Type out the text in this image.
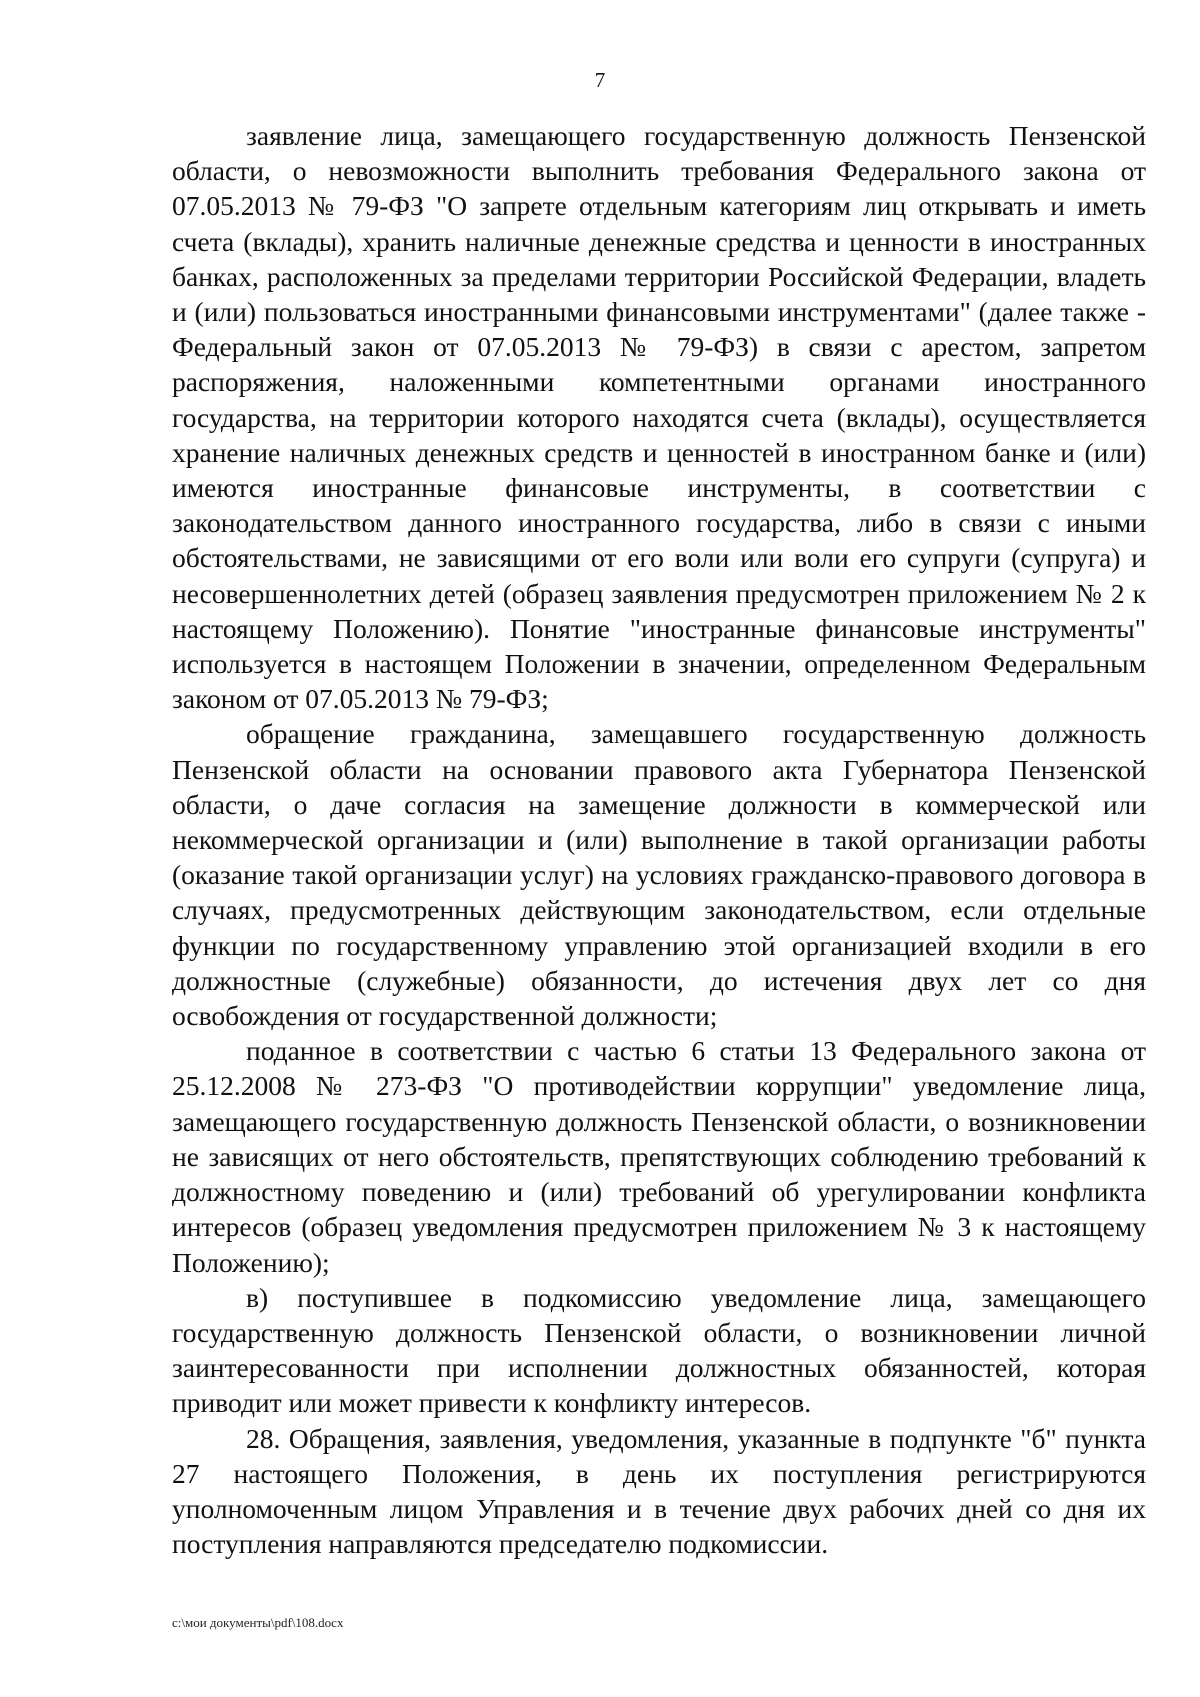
7

заявление лица, замещающего государственную должность Пензенской области, о невозможности выполнить требования Федерального закона от 07.05.2013 № 79-ФЗ "О запрете отдельным категориям лиц открывать и иметь счета (вклады), хранить наличные денежные средства и ценности в иностранных банках, расположенных за пределами территории Российской Федерации, владеть и (или) пользоваться иностранными финансовыми инструментами" (далее также - Федеральный закон от 07.05.2013 № 79-ФЗ) в связи с арестом, запретом распоряжения, наложенными компетентными органами иностранного государства, на территории которого находятся счета (вклады), осуществляется хранение наличных денежных средств и ценностей в иностранном банке и (или) имеются иностранные финансовые инструменты, в соответствии с законодательством данного иностранного государства, либо в связи с иными обстоятельствами, не зависящими от его воли или воли его супруги (супруга) и несовершеннолетних детей (образец заявления предусмотрен приложением № 2 к настоящему Положению). Понятие "иностранные финансовые инструменты" используется в настоящем Положении в значении, определенном Федеральным законом от 07.05.2013 № 79-ФЗ;

обращение гражданина, замещавшего государственную должность Пензенской области на основании правового акта Губернатора Пензенской области, о даче согласия на замещение должности в коммерческой или некоммерческой организации и (или) выполнение в такой организации работы (оказание такой организации услуг) на условиях гражданско-правового договора в случаях, предусмотренных действующим законодательством, если отдельные функции по государственному управлению этой организацией входили в его должностные (служебные) обязанности, до истечения двух лет со дня освобождения от государственной должности;

поданное в соответствии с частью 6 статьи 13 Федерального закона от 25.12.2008 № 273-ФЗ "О противодействии коррупции" уведомление лица, замещающего государственную должность Пензенской области, о возникновении не зависящих от него обстоятельств, препятствующих соблюдению требований к должностному поведению и (или) требований об урегулировании конфликта интересов (образец уведомления предусмотрен приложением № 3 к настоящему Положению);

в) поступившее в подкомиссию уведомление лица, замещающего государственную должность Пензенской области, о возникновении личной заинтересованности при исполнении должностных обязанностей, которая приводит или может привести к конфликту интересов.

28. Обращения, заявления, уведомления, указанные в подпункте "б" пункта 27 настоящего Положения, в день их поступления регистрируются уполномоченным лицом Управления и в течение двух рабочих дней со дня их поступления направляются председателю подкомиссии.

c:\мои документы\pdf\108.docx
